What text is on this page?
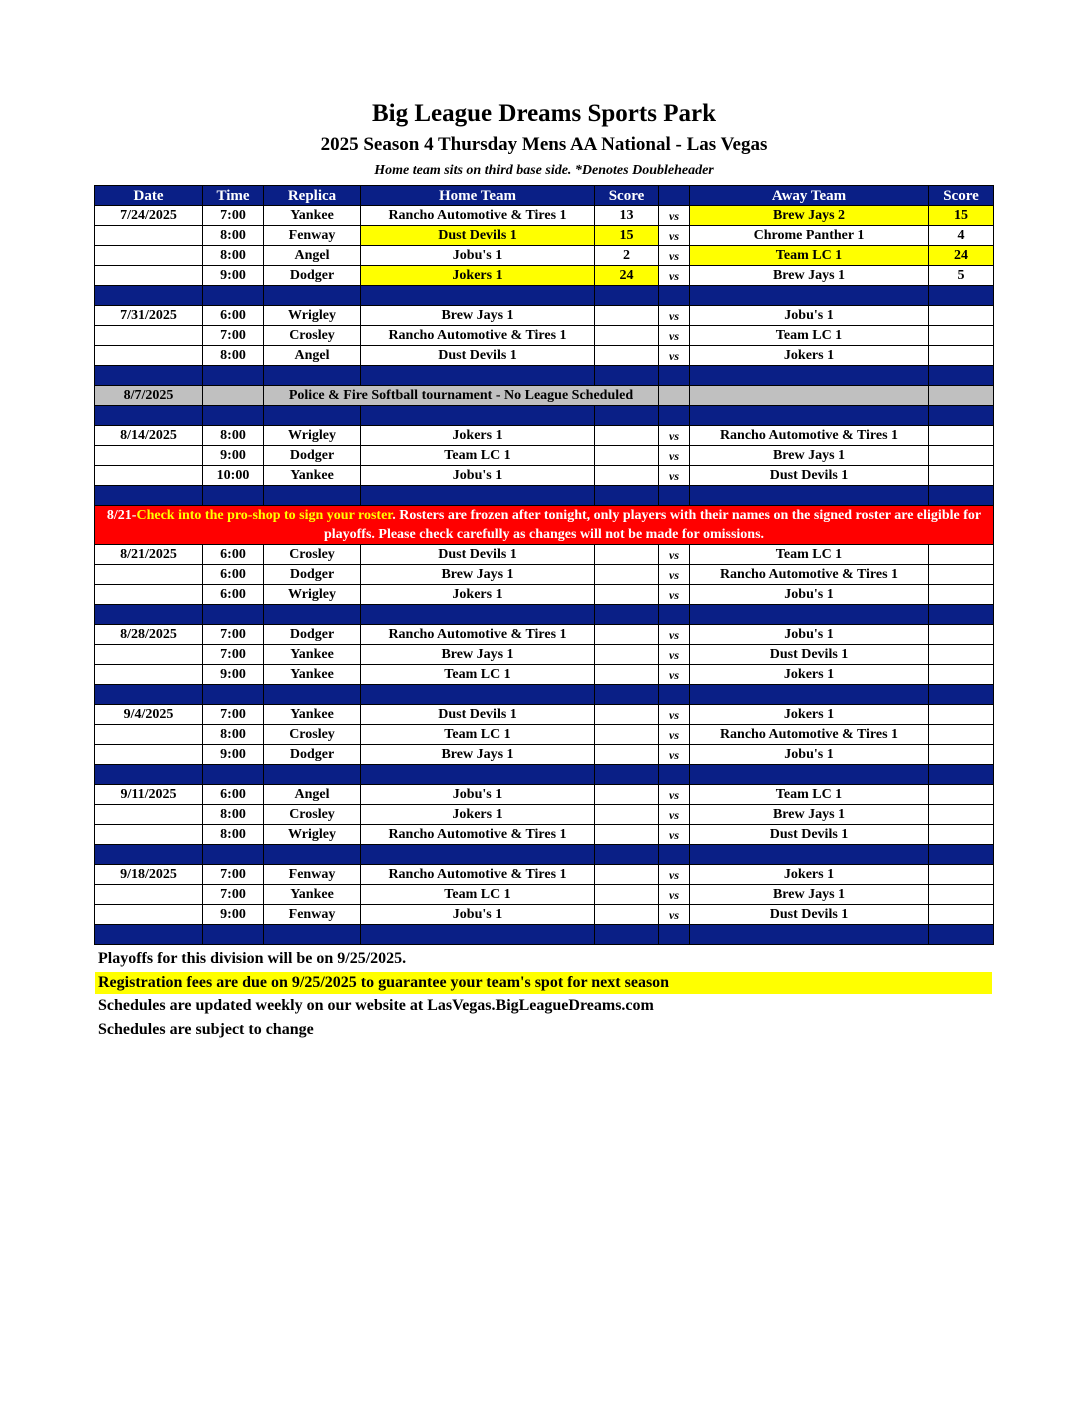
Big League Dreams Sports Park
2025 Season 4 Thursday Mens AA National - Las Vegas
Home team sits on third base side. *Denotes Doubleheader
Date	Time	Replica	Home Team	Score		Away Team	Score
7/24/2025	7:00	Yankee	Rancho Automotive & Tires 1	13	vs	Brew Jays 2	15
	8:00	Fenway	Dust Devils 1	15	vs	Chrome Panther 1	4
	8:00	Angel	Jobu's 1	2	vs	Team LC 1	24
	9:00	Dodger	Jokers 1	24	vs	Brew Jays 1	5

7/31/2025	6:00	Wrigley	Brew Jays 1		vs	Jobu's 1	
	7:00	Crosley	Rancho Automotive & Tires 1		vs	Team LC 1	
	8:00	Angel	Dust Devils 1		vs	Jokers 1	

8/7/2025		Police & Fire Softball tournament - No League Scheduled					

8/14/2025	8:00	Wrigley	Jokers 1		vs	Rancho Automotive & Tires 1	
	9:00	Dodger	Team LC 1		vs	Brew Jays 1	
	10:00	Yankee	Jobu's 1		vs	Dust Devils 1	

8/21-Check into the pro-shop to sign your roster. Rosters are frozen after tonight, only players with their names on the signed roster are eligible for playoffs. Please check carefully as changes will not be made for omissions.							
8/21/2025	6:00	Crosley	Dust Devils 1		vs	Team LC 1	
	6:00	Dodger	Brew Jays 1		vs	Rancho Automotive & Tires 1	
	6:00	Wrigley	Jokers 1		vs	Jobu's 1	

8/28/2025	7:00	Dodger	Rancho Automotive & Tires 1		vs	Jobu's 1	
	7:00	Yankee	Brew Jays 1		vs	Dust Devils 1	
	9:00	Yankee	Team LC 1		vs	Jokers 1	

9/4/2025	7:00	Yankee	Dust Devils 1		vs	Jokers 1	
	8:00	Crosley	Team LC 1		vs	Rancho Automotive & Tires 1	
	9:00	Dodger	Brew Jays 1		vs	Jobu's 1	

9/11/2025	6:00	Angel	Jobu's 1		vs	Team LC 1	
	8:00	Crosley	Jokers 1		vs	Brew Jays 1	
	8:00	Wrigley	Rancho Automotive & Tires 1		vs	Dust Devils 1	

9/18/2025	7:00	Fenway	Rancho Automotive & Tires 1		vs	Jokers 1	
	7:00	Yankee	Team LC 1		vs	Brew Jays 1	
	9:00	Fenway	Jobu's 1		vs	Dust Devils 1	

Playoffs for this division will be on 9/25/2025.
Registration fees are due on 9/25/2025 to guarantee your team's spot for next season
Schedules are updated weekly on our website at LasVegas.BigLeagueDreams.com
Schedules are subject to change
